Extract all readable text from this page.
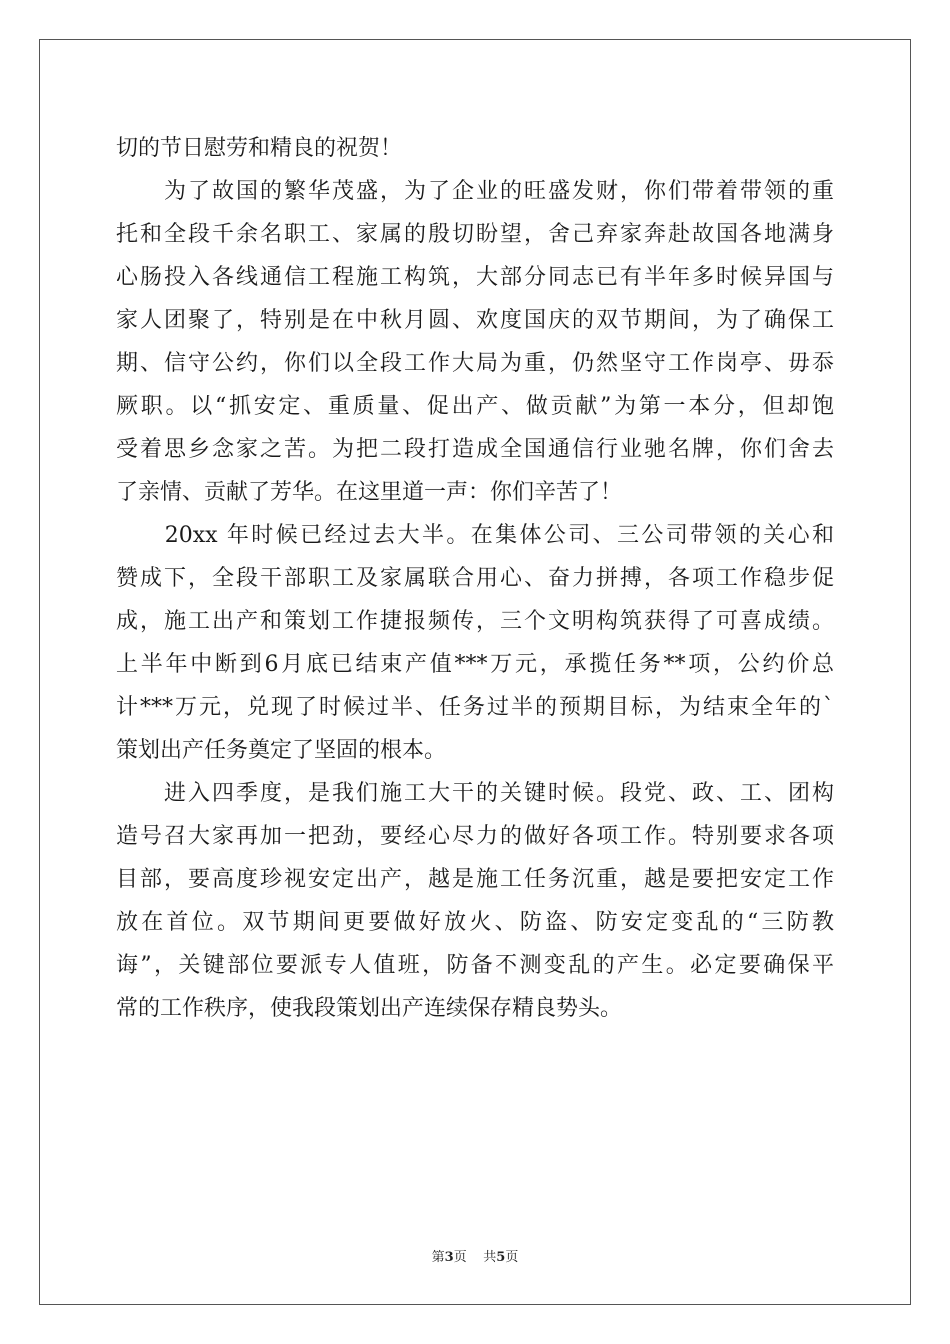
切的节日慰劳和精良的祝贺！
　　为了故国的繁华茂盛，为了企业的旺盛发财，你们带着带领的重
托和全段千余名职工、家属的殷切盼望，舍己弃家奔赴故国各地满身
心肠投入各线通信工程施工构筑，大部分同志已有半年多时候异国与
家人团聚了，特别是在中秋月圆、欢度国庆的双节期间，为了确保工
期、信守公约，你们以全段工作大局为重，仍然坚守工作岗亭、毋忝
厥职。以“抓安定、重质量、促出产、做贡献”为第一本分，但却饱
受着思乡念家之苦。为把二段打造成全国通信行业驰名牌，你们舍去
了亲情、贡献了芳华。在这里道一声：你们辛苦了！
　　20xx 年时候已经过去大半。在集体公司、三公司带领的关心和
赞成下，全段干部职工及家属联合用心、奋力拼搏，各项工作稳步促
成，施工出产和策划工作捷报频传，三个文明构筑获得了可喜成绩。
上半年中断到6月底已结束产值***万元，承揽任务**项，公约价总
计***万元，兑现了时候过半、任务过半的预期目标，为结束全年的`
策划出产任务奠定了坚固的根本。
　　进入四季度，是我们施工大干的关键时候。段党、政、工、团构
造号召大家再加一把劲，要经心尽力的做好各项工作。特别要求各项
目部，要高度珍视安定出产，越是施工任务沉重，越是要把安定工作
放在首位。双节期间更要做好放火、防盗、防安定变乱的“三防教
诲”，关键部位要派专人值班，防备不测变乱的产生。必定要确保平
常的工作秩序，使我段策划出产连续保存精良势头。
第3页 共5页
